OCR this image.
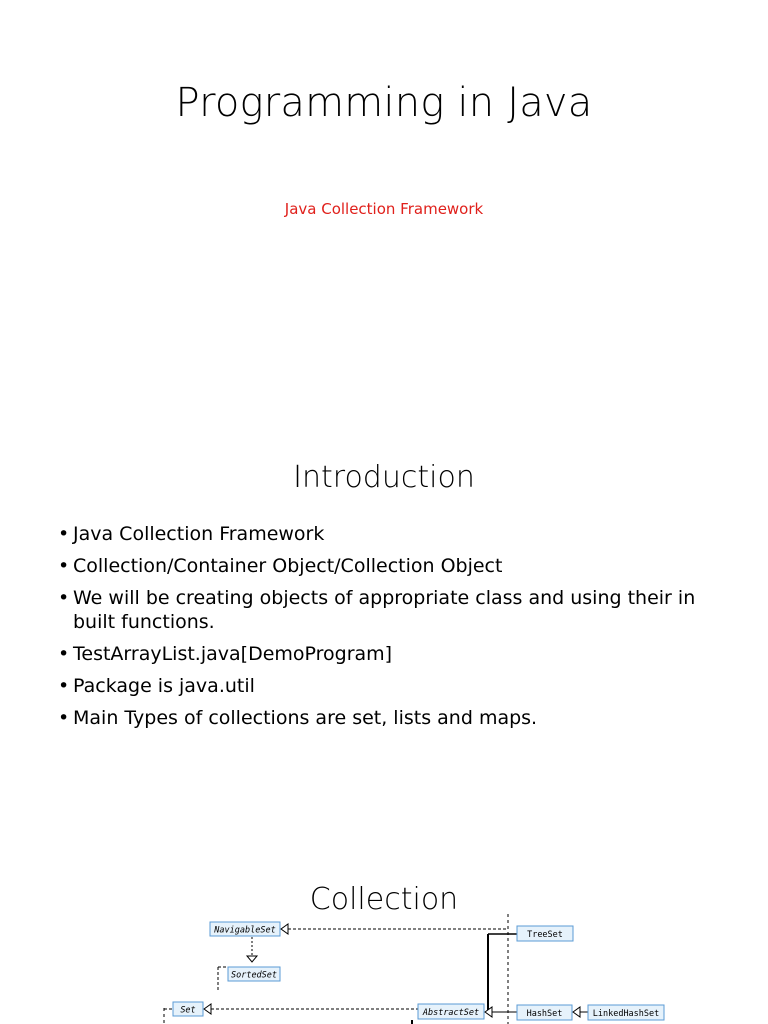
Programming in Java
Java Collection Framework
Introduction
• Java Collection Framework
• Collection/Container Object/Collection Object
• We will be creating objects of appropriate class and using their in built functions.
• TestArrayList.java[DemoProgram]
• Package is java.util
• Main Types of collections are set, lists and maps.
Collection
NavigableSet	TreeSet
SortedSet
Set	AbstractSet	HashSet	LinkedHashSet
